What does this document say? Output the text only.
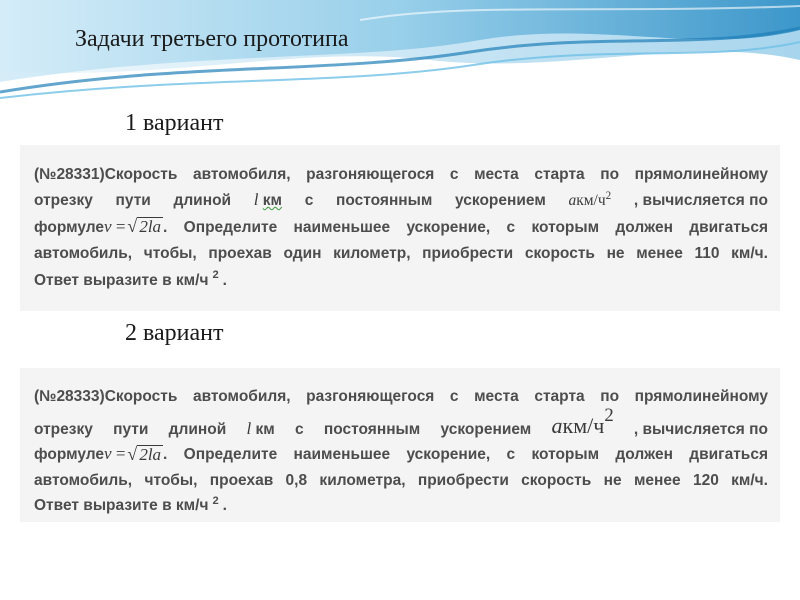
Задачи третьего прототипа
1 вариант
(№28331) Скорость автомобиля, разгоняющегося с места старта по прямолинейному
отрезку пути длиной l км с постоянным ускорением a км/ч 2 , вычисляется по
формуле v
= √ 2la . Определите наименьшее ускорение, с которым должен двигаться
автомобиль, чтобы, проехав один километр, приобрести скорость не менее 110 км/ч.
Ответ выразите в км/ч $^2$ .
2 вариант
(№28333) Скорость автомобиля, разгоняющегося с места старта по прямолинейному
отрезку пути длиной l км с постоянным ускорением a км/ч 2
, вычисляется по
формуле v
= √ 2la . Определите наименьшее ускорение, с которым должен двигаться
автомобиль, чтобы, проехав 0,8 километра, приобрести скорость не менее 120 км/ч.
Ответ выразите в км/ч $^2$ .
